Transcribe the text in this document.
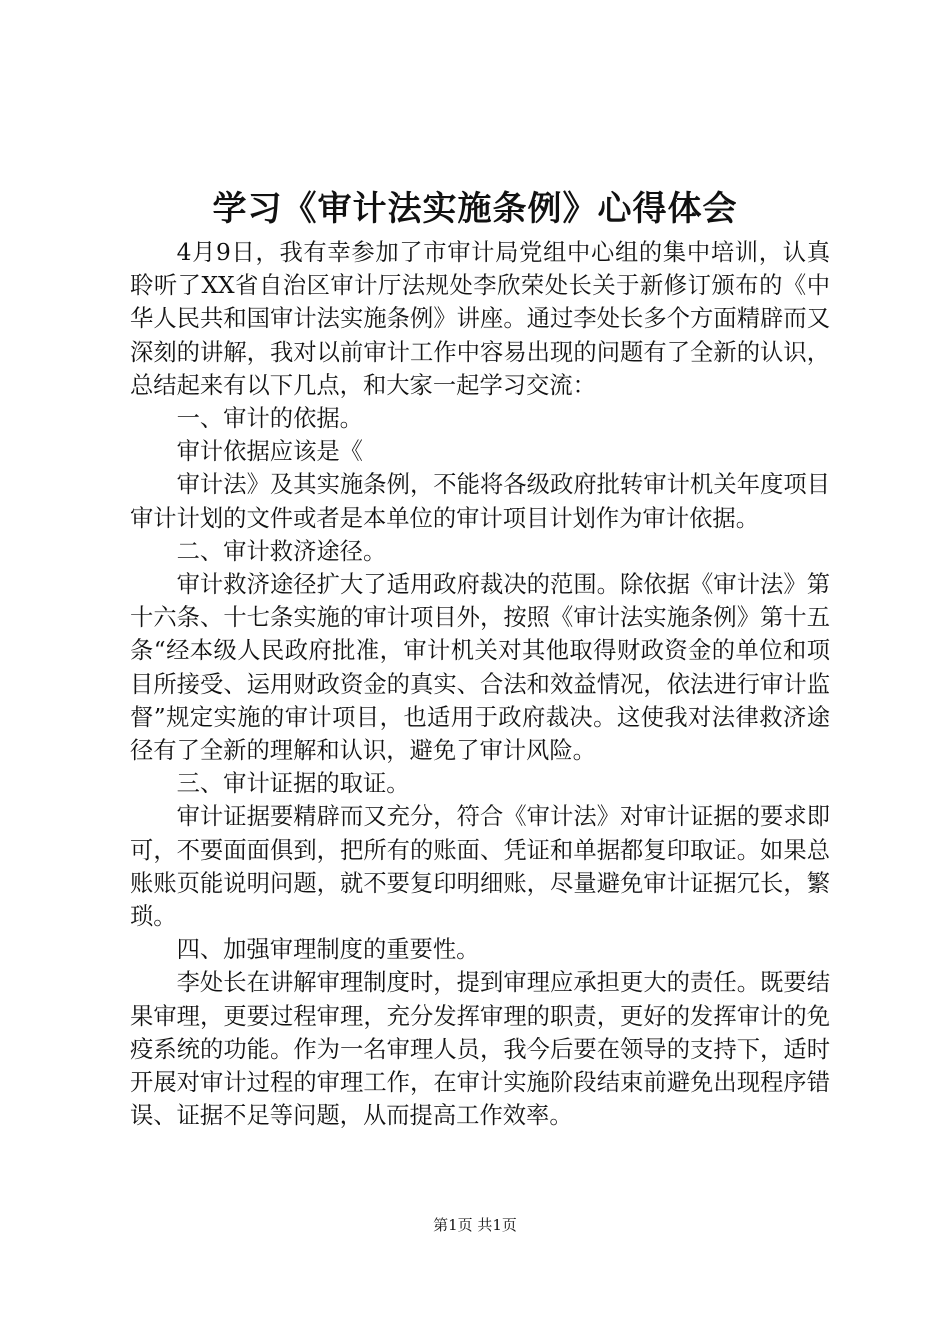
学习《审计法实施条例》心得体会

4月9日，我有幸参加了市审计局党组中心组的集中培训，认真聆听了XX省自治区审计厅法规处李欣荣处长关于新修订颁布的《中华人民共和国审计法实施条例》讲座。通过李处长多个方面精辟而又深刻的讲解，我对以前审计工作中容易出现的问题有了全新的认识，总结起来有以下几点，和大家一起学习交流：

一、审计的依据。

审计依据应该是《

审计法》及其实施条例，不能将各级政府批转审计机关年度项目审计计划的文件或者是本单位的审计项目计划作为审计依据。

二、审计救济途径。

审计救济途径扩大了适用政府裁决的范围。除依据《审计法》第十六条、十七条实施的审计项目外，按照《审计法实施条例》第十五条“经本级人民政府批准，审计机关对其他取得财政资金的单位和项目所接受、运用财政资金的真实、合法和效益情况，依法进行审计监督”规定实施的审计项目，也适用于政府裁决。这使我对法律救济途径有了全新的理解和认识，避免了审计风险。

三、审计证据的取证。

审计证据要精辟而又充分，符合《审计法》对审计证据的要求即可，不要面面俱到，把所有的账面、凭证和单据都复印取证。如果总账账页能说明问题，就不要复印明细账，尽量避免审计证据冗长，繁琐。

四、加强审理制度的重要性。

李处长在讲解审理制度时，提到审理应承担更大的责任。既要结果审理，更要过程审理，充分发挥审理的职责，更好的发挥审计的免疫系统的功能。作为一名审理人员，我今后要在领导的支持下，适时开展对审计过程的审理工作，在审计实施阶段结束前避免出现程序错误、证据不足等问题，从而提高工作效率。

第1页 共1页
